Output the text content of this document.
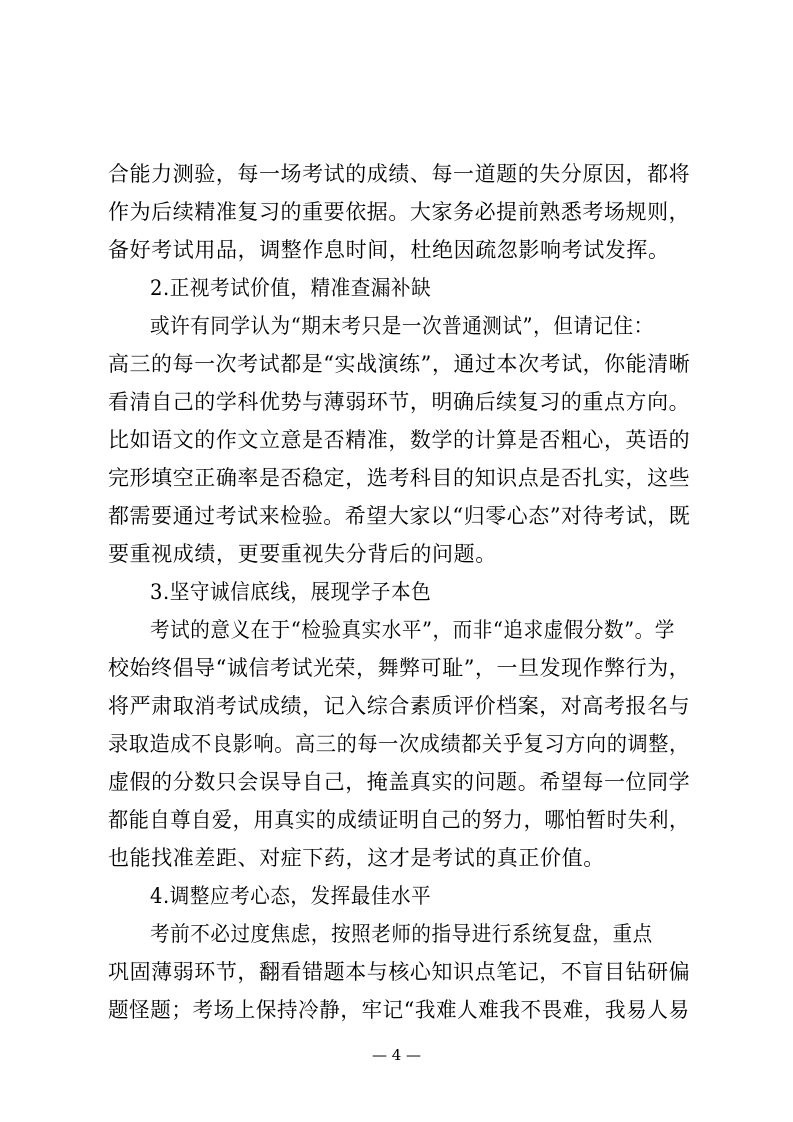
合能力测验，每一场考试的成绩、每一道题的失分原因，都将
作为后续精准复习的重要依据。大家务必提前熟悉考场规则，
备好考试用品，调整作息时间，杜绝因疏忽影响考试发挥。
2.正视考试价值，精准查漏补缺
或许有同学认为“期末考只是一次普通测试”，但请记住：
高三的每一次考试都是“实战演练”，通过本次考试，你能清晰
看清自己的学科优势与薄弱环节，明确后续复习的重点方向。
比如语文的作文立意是否精准，数学的计算是否粗心，英语的
完形填空正确率是否稳定，选考科目的知识点是否扎实，这些
都需要通过考试来检验。希望大家以“归零心态”对待考试，既
要重视成绩，更要重视失分背后的问题。
3.坚守诚信底线，展现学子本色
考试的意义在于“检验真实水平”，而非“追求虚假分数”。学
校始终倡导“诚信考试光荣，舞弊可耻”，一旦发现作弊行为，
将严肃取消考试成绩，记入综合素质评价档案，对高考报名与
录取造成不良影响。高三的每一次成绩都关乎复习方向的调整，
虚假的分数只会误导自己，掩盖真实的问题。希望每一位同学
都能自尊自爱，用真实的成绩证明自己的努力，哪怕暂时失利，
也能找准差距、对症下药，这才是考试的真正价值。
4.调整应考心态，发挥最佳水平
考前不必过度焦虑，按照老师的指导进行系统复盘，重点
巩固薄弱环节，翻看错题本与核心知识点笔记，不盲目钻研偏
题怪题；考场上保持冷静，牢记“我难人难我不畏难，我易人易
— 4 —
